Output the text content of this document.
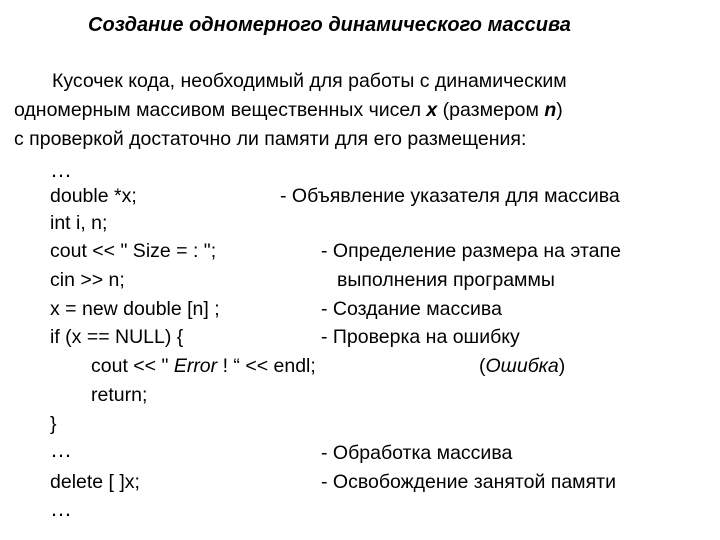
Создание одномерного динамического массива
Кусочек кода, необходимый для работы с динамическим
одномерным массивом вещественных чисел x (размером n)
с проверкой достаточно ли памяти для его размещения:
…
double *x;	- Объявление указателя для массива
int i, n;
cout << " Size = : ";	- Определение размера на этапе
cin >> n;	выполнения программы
x = new double [n] ;	- Создание массива
if (x == NULL) {	- Проверка на ошибку
cout << " Error ! “ << endl;	(Ошибка)
return;
}
…	- Обработка массива
delete [ ]x;	- Освобождение занятой памяти
…
